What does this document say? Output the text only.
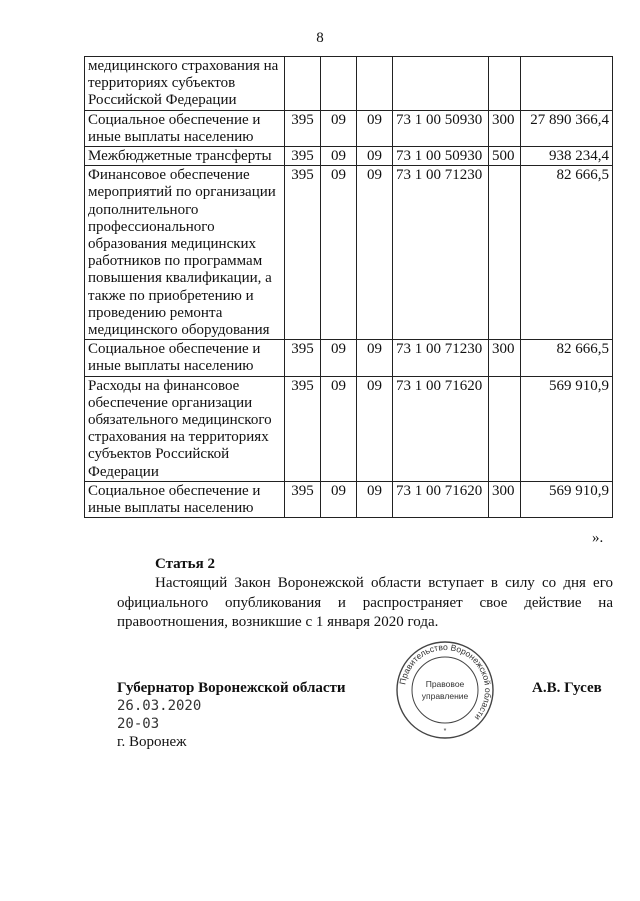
8
медицинского страхования на территориях субъектов Российской Федерации						
Социальное обеспечение и иные выплаты населению	395	09	09	73 1 00 50930	300	27 890 366,4
Межбюджетные трансферты	395	09	09	73 1 00 50930	500	938 234,4
Финансовое обеспечение мероприятий по организации дополнительного профессионального образования медицинских работников по программам повышения квалификации, а также по приобретению и проведению ремонта медицинского оборудования	395	09	09	73 1 00 71230		82 666,5
Социальное обеспечение и иные выплаты населению	395	09	09	73 1 00 71230	300	82 666,5
Расходы на финансовое обеспечение организации обязательного медицинского страхования на территориях субъектов Российской Федерации	395	09	09	73 1 00 71620		569 910,9
Социальное обеспечение и иные выплаты населению	395	09	09	73 1 00 71620	300	569 910,9
».
Статья 2
Настоящий Закон Воронежской области вступает в силу со дня его официального опубликования и распространяет свое действие на правоотношения, возникшие с 1 января 2020 года.
Губернатор Воронежской области	А.В. Гусев
26.03.2020
20-03
г. Воронеж
Правительство Воронежской области
Правовое
управление
*
